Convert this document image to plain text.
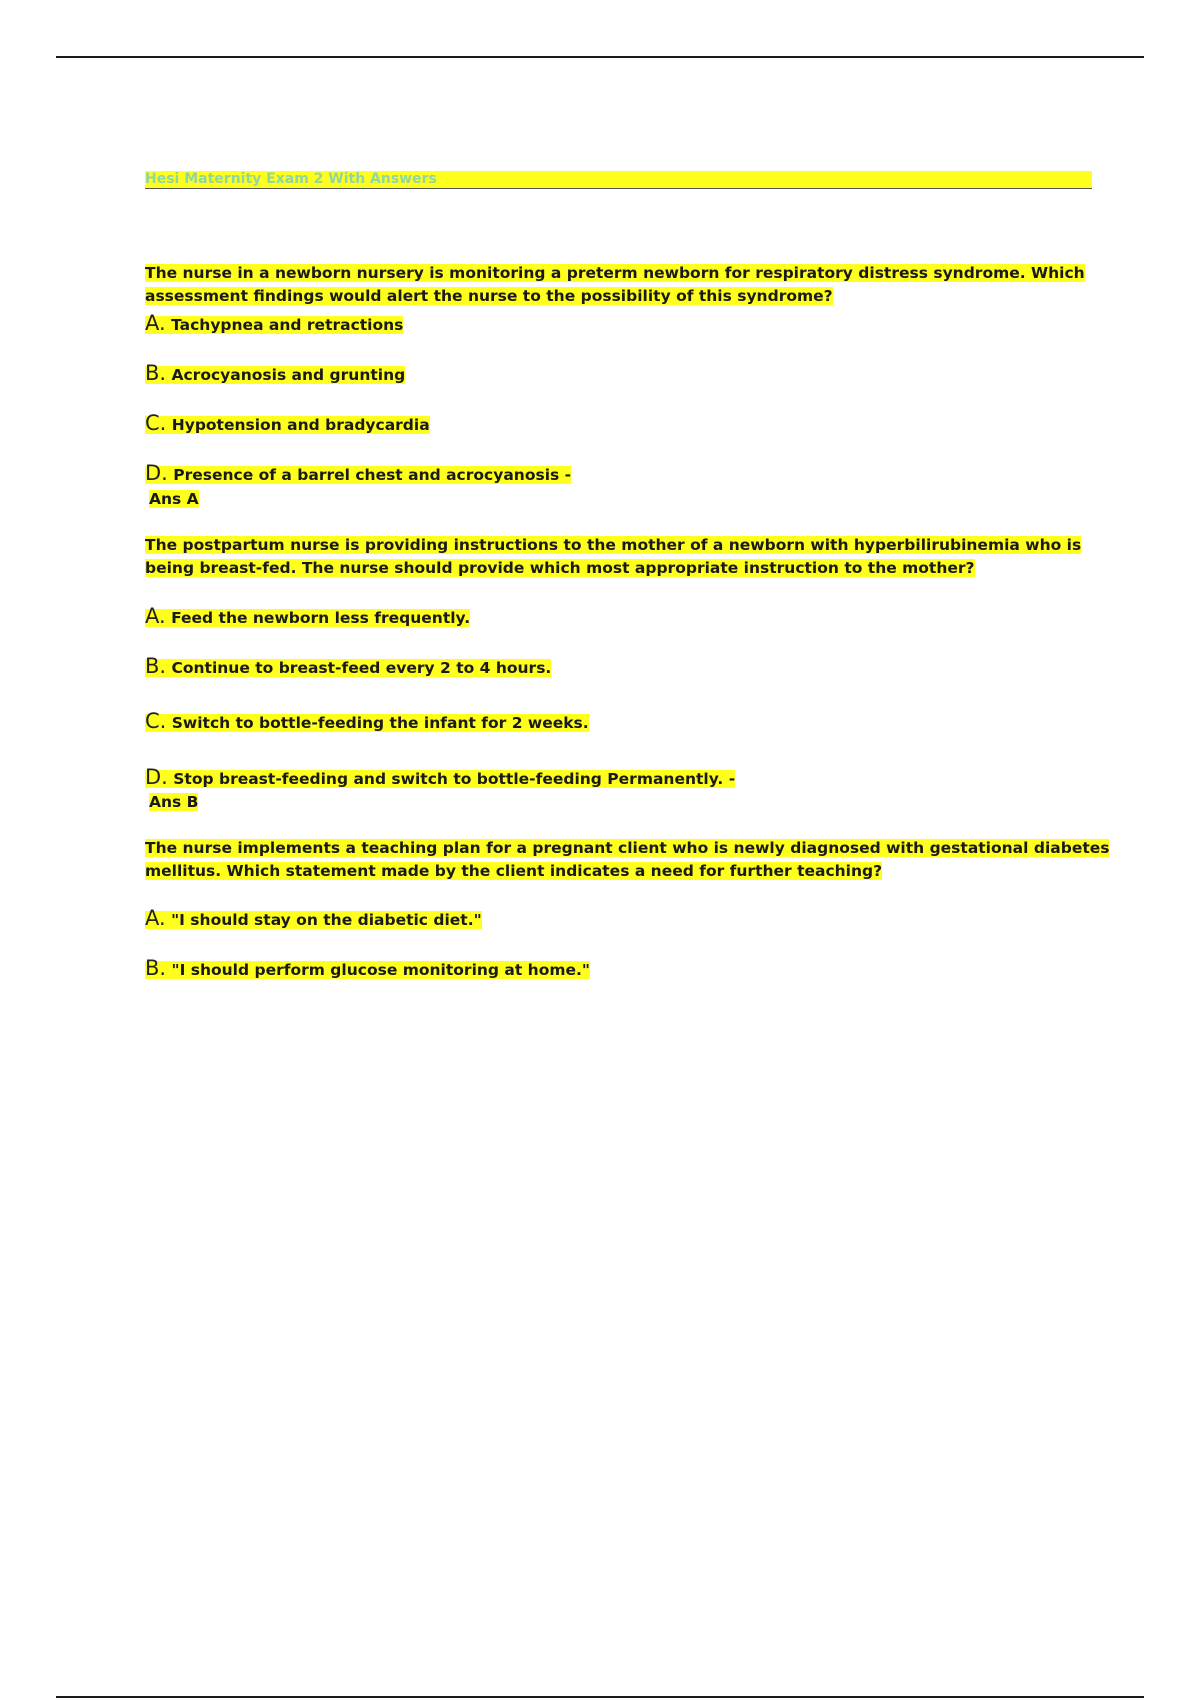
Hesi Maternity Exam 2 With Answers
The nurse in a newborn nursery is monitoring a preterm newborn for respiratory distress syndrome. Which assessment findings would alert the nurse to the possibility of this syndrome?
A. Tachypnea and retractions
B. Acrocyanosis and grunting
C. Hypotension and bradycardia
D. Presence of a barrel chest and acrocyanosis -
Ans A
The postpartum nurse is providing instructions to the mother of a newborn with hyperbilirubinemia who is being breast-fed. The nurse should provide which most appropriate instruction to the mother?
A. Feed the newborn less frequently.
B. Continue to breast-feed every 2 to 4 hours.
C. Switch to bottle-feeding the infant for 2 weeks.
D. Stop breast-feeding and switch to bottle-feeding Permanently. -
Ans B
The nurse implements a teaching plan for a pregnant client who is newly diagnosed with gestational diabetes mellitus. Which statement made by the client indicates a need for further teaching?
A. "I should stay on the diabetic diet."
B. "I should perform glucose monitoring at home."
